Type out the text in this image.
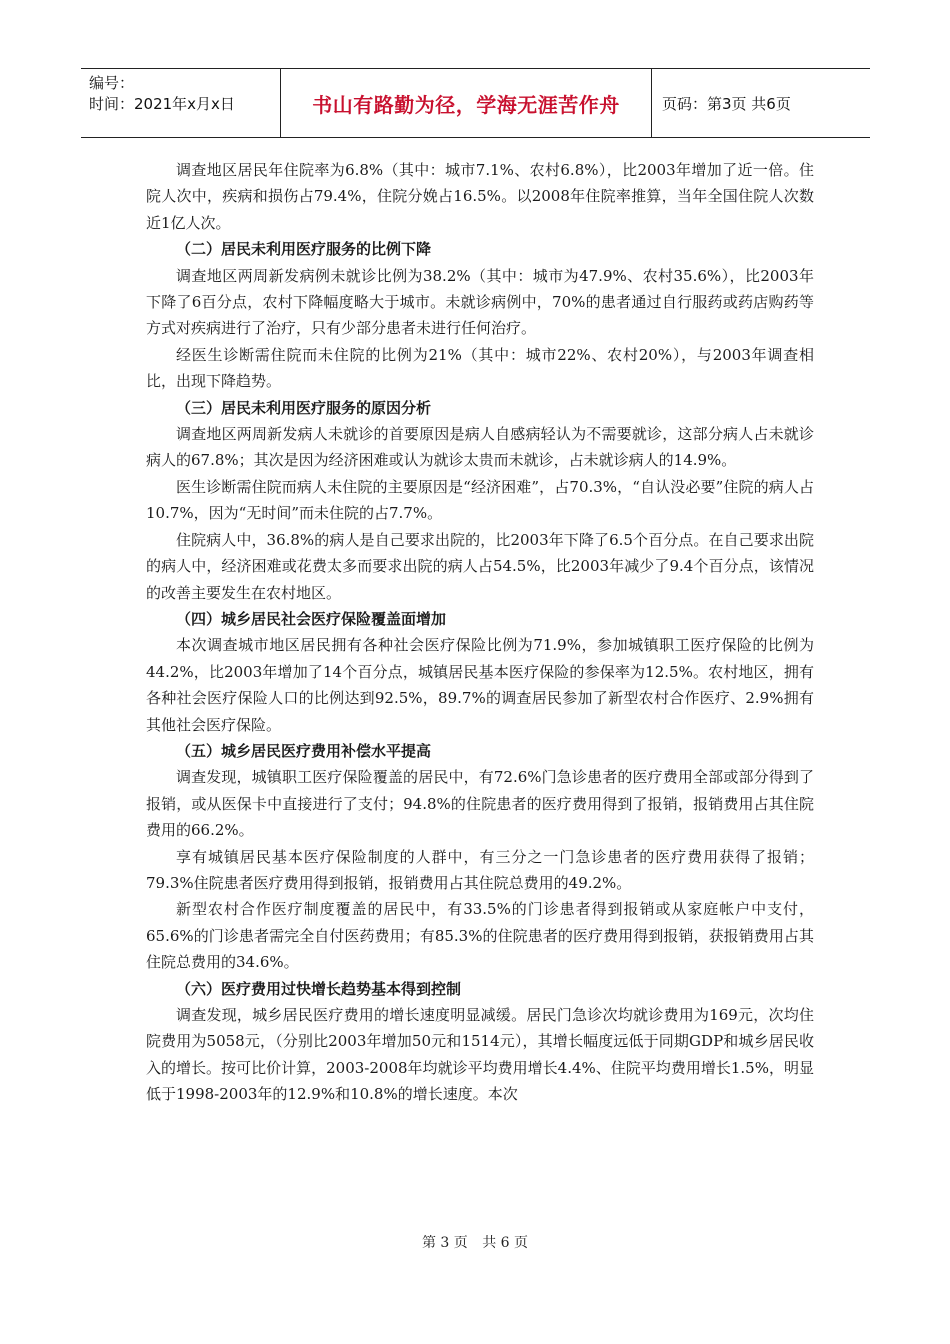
编号：
时间：2021年x月x日	书山有路勤为径，学海无涯苦作舟	页码：第3页 共6页

调查地区居民年住院率为6.8%（其中：城市7.1%、农村6.8%），比2003年增加了近一倍。住院人次中，疾病和损伤占79.4%，住院分娩占16.5%。以2008年住院率推算，当年全国住院人次数近1亿人次。

（二）居民未利用医疗服务的比例下降

调查地区两周新发病例未就诊比例为38.2%（其中：城市为47.9%、农村35.6%），比2003年下降了6百分点，农村下降幅度略大于城市。未就诊病例中，70%的患者通过自行服药或药店购药等方式对疾病进行了治疗，只有少部分患者未进行任何治疗。

经医生诊断需住院而未住院的比例为21%（其中：城市22%、农村20%），与2003年调查相比，出现下降趋势。

（三）居民未利用医疗服务的原因分析

调查地区两周新发病人未就诊的首要原因是病人自感病轻认为不需要就诊，这部分病人占未就诊病人的67.8%；其次是因为经济困难或认为就诊太贵而未就诊，占未就诊病人的14.9%。

医生诊断需住院而病人未住院的主要原因是“经济困难”，占70.3%，“自认没必要”住院的病人占10.7%，因为“无时间”而未住院的占7.7%。

住院病人中，36.8%的病人是自己要求出院的，比2003年下降了6.5个百分点。在自己要求出院的病人中，经济困难或花费太多而要求出院的病人占54.5%，比2003年减少了9.4个百分点，该情况的改善主要发生在农村地区。

（四）城乡居民社会医疗保险覆盖面增加

本次调查城市地区居民拥有各种社会医疗保险比例为71.9%，参加城镇职工医疗保险的比例为44.2%，比2003年增加了14个百分点，城镇居民基本医疗保险的参保率为12.5%。农村地区，拥有各种社会医疗保险人口的比例达到92.5%，89.7%的调查居民参加了新型农村合作医疗、2.9%拥有其他社会医疗保险。

（五）城乡居民医疗费用补偿水平提高

调查发现，城镇职工医疗保险覆盖的居民中，有72.6%门急诊患者的医疗费用全部或部分得到了报销，或从医保卡中直接进行了支付；94.8%的住院患者的医疗费用得到了报销，报销费用占其住院费用的66.2%。

享有城镇居民基本医疗保险制度的人群中，有三分之一门急诊患者的医疗费用获得了报销；79.3%住院患者医疗费用得到报销，报销费用占其住院总费用的49.2%。

新型农村合作医疗制度覆盖的居民中，有33.5%的门诊患者得到报销或从家庭帐户中支付，65.6%的门诊患者需完全自付医药费用；有85.3%的住院患者的医疗费用得到报销，获报销费用占其住院总费用的34.6%。

（六）医疗费用过快增长趋势基本得到控制

调查发现，城乡居民医疗费用的增长速度明显减缓。居民门急诊次均就诊费用为169元，次均住院费用为5058元，（分别比2003年增加50元和1514元），其增长幅度远低于同期GDP和城乡居民收入的增长。按可比价计算，2003-2008年均就诊平均费用增长4.4%、住院平均费用增长1.5%，明显低于1998-2003年的12.9%和10.8%的增长速度。本次

第 3 页 共 6 页
